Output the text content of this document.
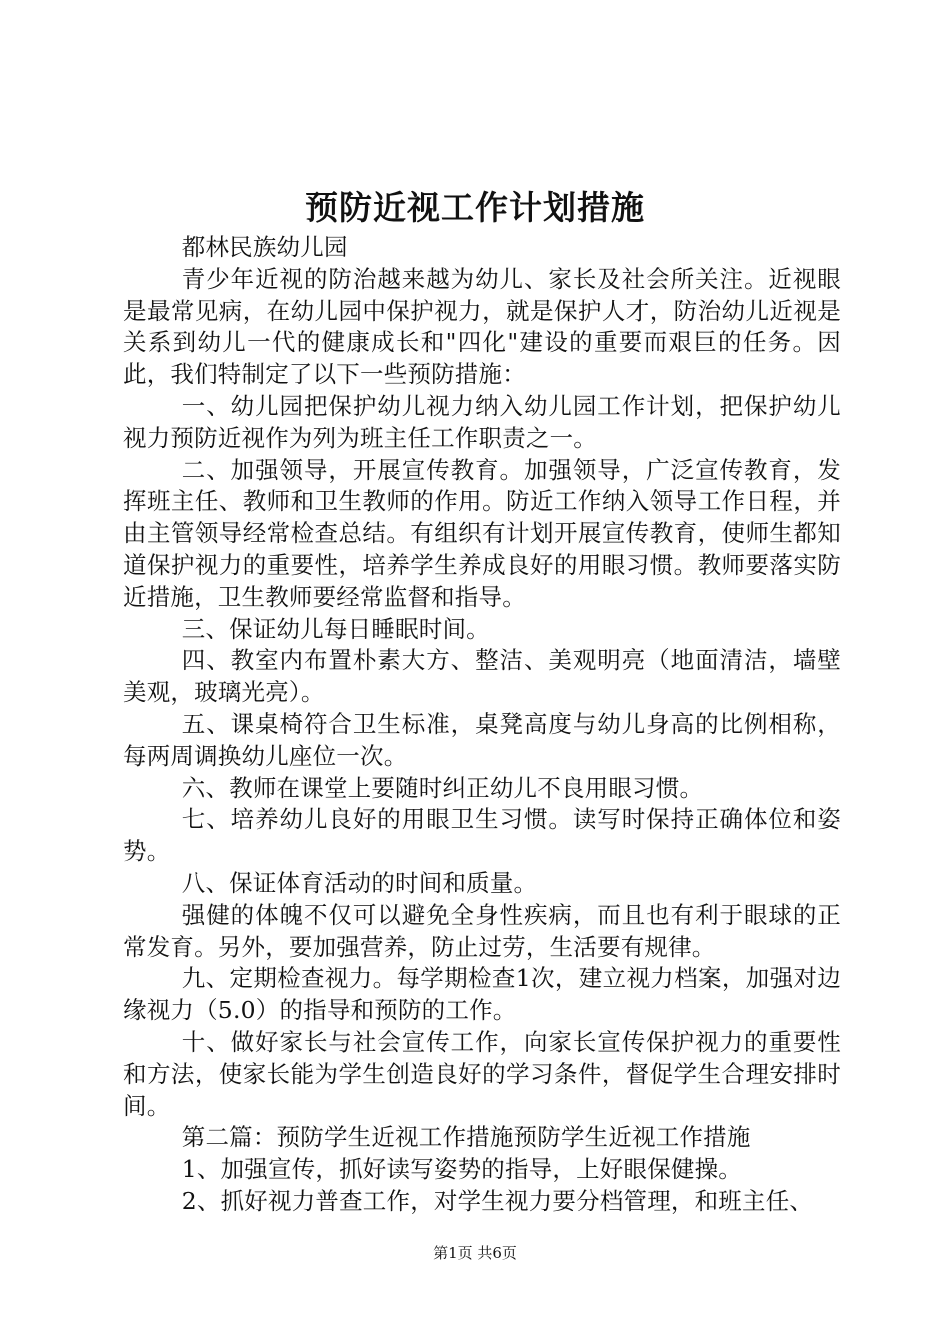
预防近视工作计划措施

都林民族幼儿园

青少年近视的防治越来越为幼儿、家长及社会所关注。近视眼是最常见病，在幼儿园中保护视力，就是保护人才，防治幼儿近视是关系到幼儿一代的健康成长和"四化"建设的重要而艰巨的任务。因此，我们特制定了以下一些预防措施：

一、幼儿园把保护幼儿视力纳入幼儿园工作计划，把保护幼儿视力预防近视作为列为班主任工作职责之一。

二、加强领导，开展宣传教育。加强领导，广泛宣传教育，发挥班主任、教师和卫生教师的作用。防近工作纳入领导工作日程，并由主管领导经常检查总结。有组织有计划开展宣传教育，使师生都知道保护视力的重要性，培养学生养成良好的用眼习惯。教师要落实防近措施，卫生教师要经常监督和指导。

三、保证幼儿每日睡眠时间。

四、教室内布置朴素大方、整洁、美观明亮（地面清洁，墙壁美观，玻璃光亮）。

五、课桌椅符合卫生标准，桌凳高度与幼儿身高的比例相称，每两周调换幼儿座位一次。

六、教师在课堂上要随时纠正幼儿不良用眼习惯。

七、培养幼儿良好的用眼卫生习惯。读写时保持正确体位和姿势。

八、保证体育活动的时间和质量。

强健的体魄不仅可以避免全身性疾病，而且也有利于眼球的正常发育。另外，要加强营养，防止过劳，生活要有规律。

九、定期检查视力。每学期检查1次，建立视力档案，加强对边缘视力（5.0）的指导和预防的工作。

十、做好家长与社会宣传工作，向家长宣传保护视力的重要性和方法，使家长能为学生创造良好的学习条件，督促学生合理安排时间。

第二篇：预防学生近视工作措施预防学生近视工作措施

1、加强宣传，抓好读写姿势的指导，上好眼保健操。

2、抓好视力普查工作，对学生视力要分档管理，和班主任、

第1页 共6页
